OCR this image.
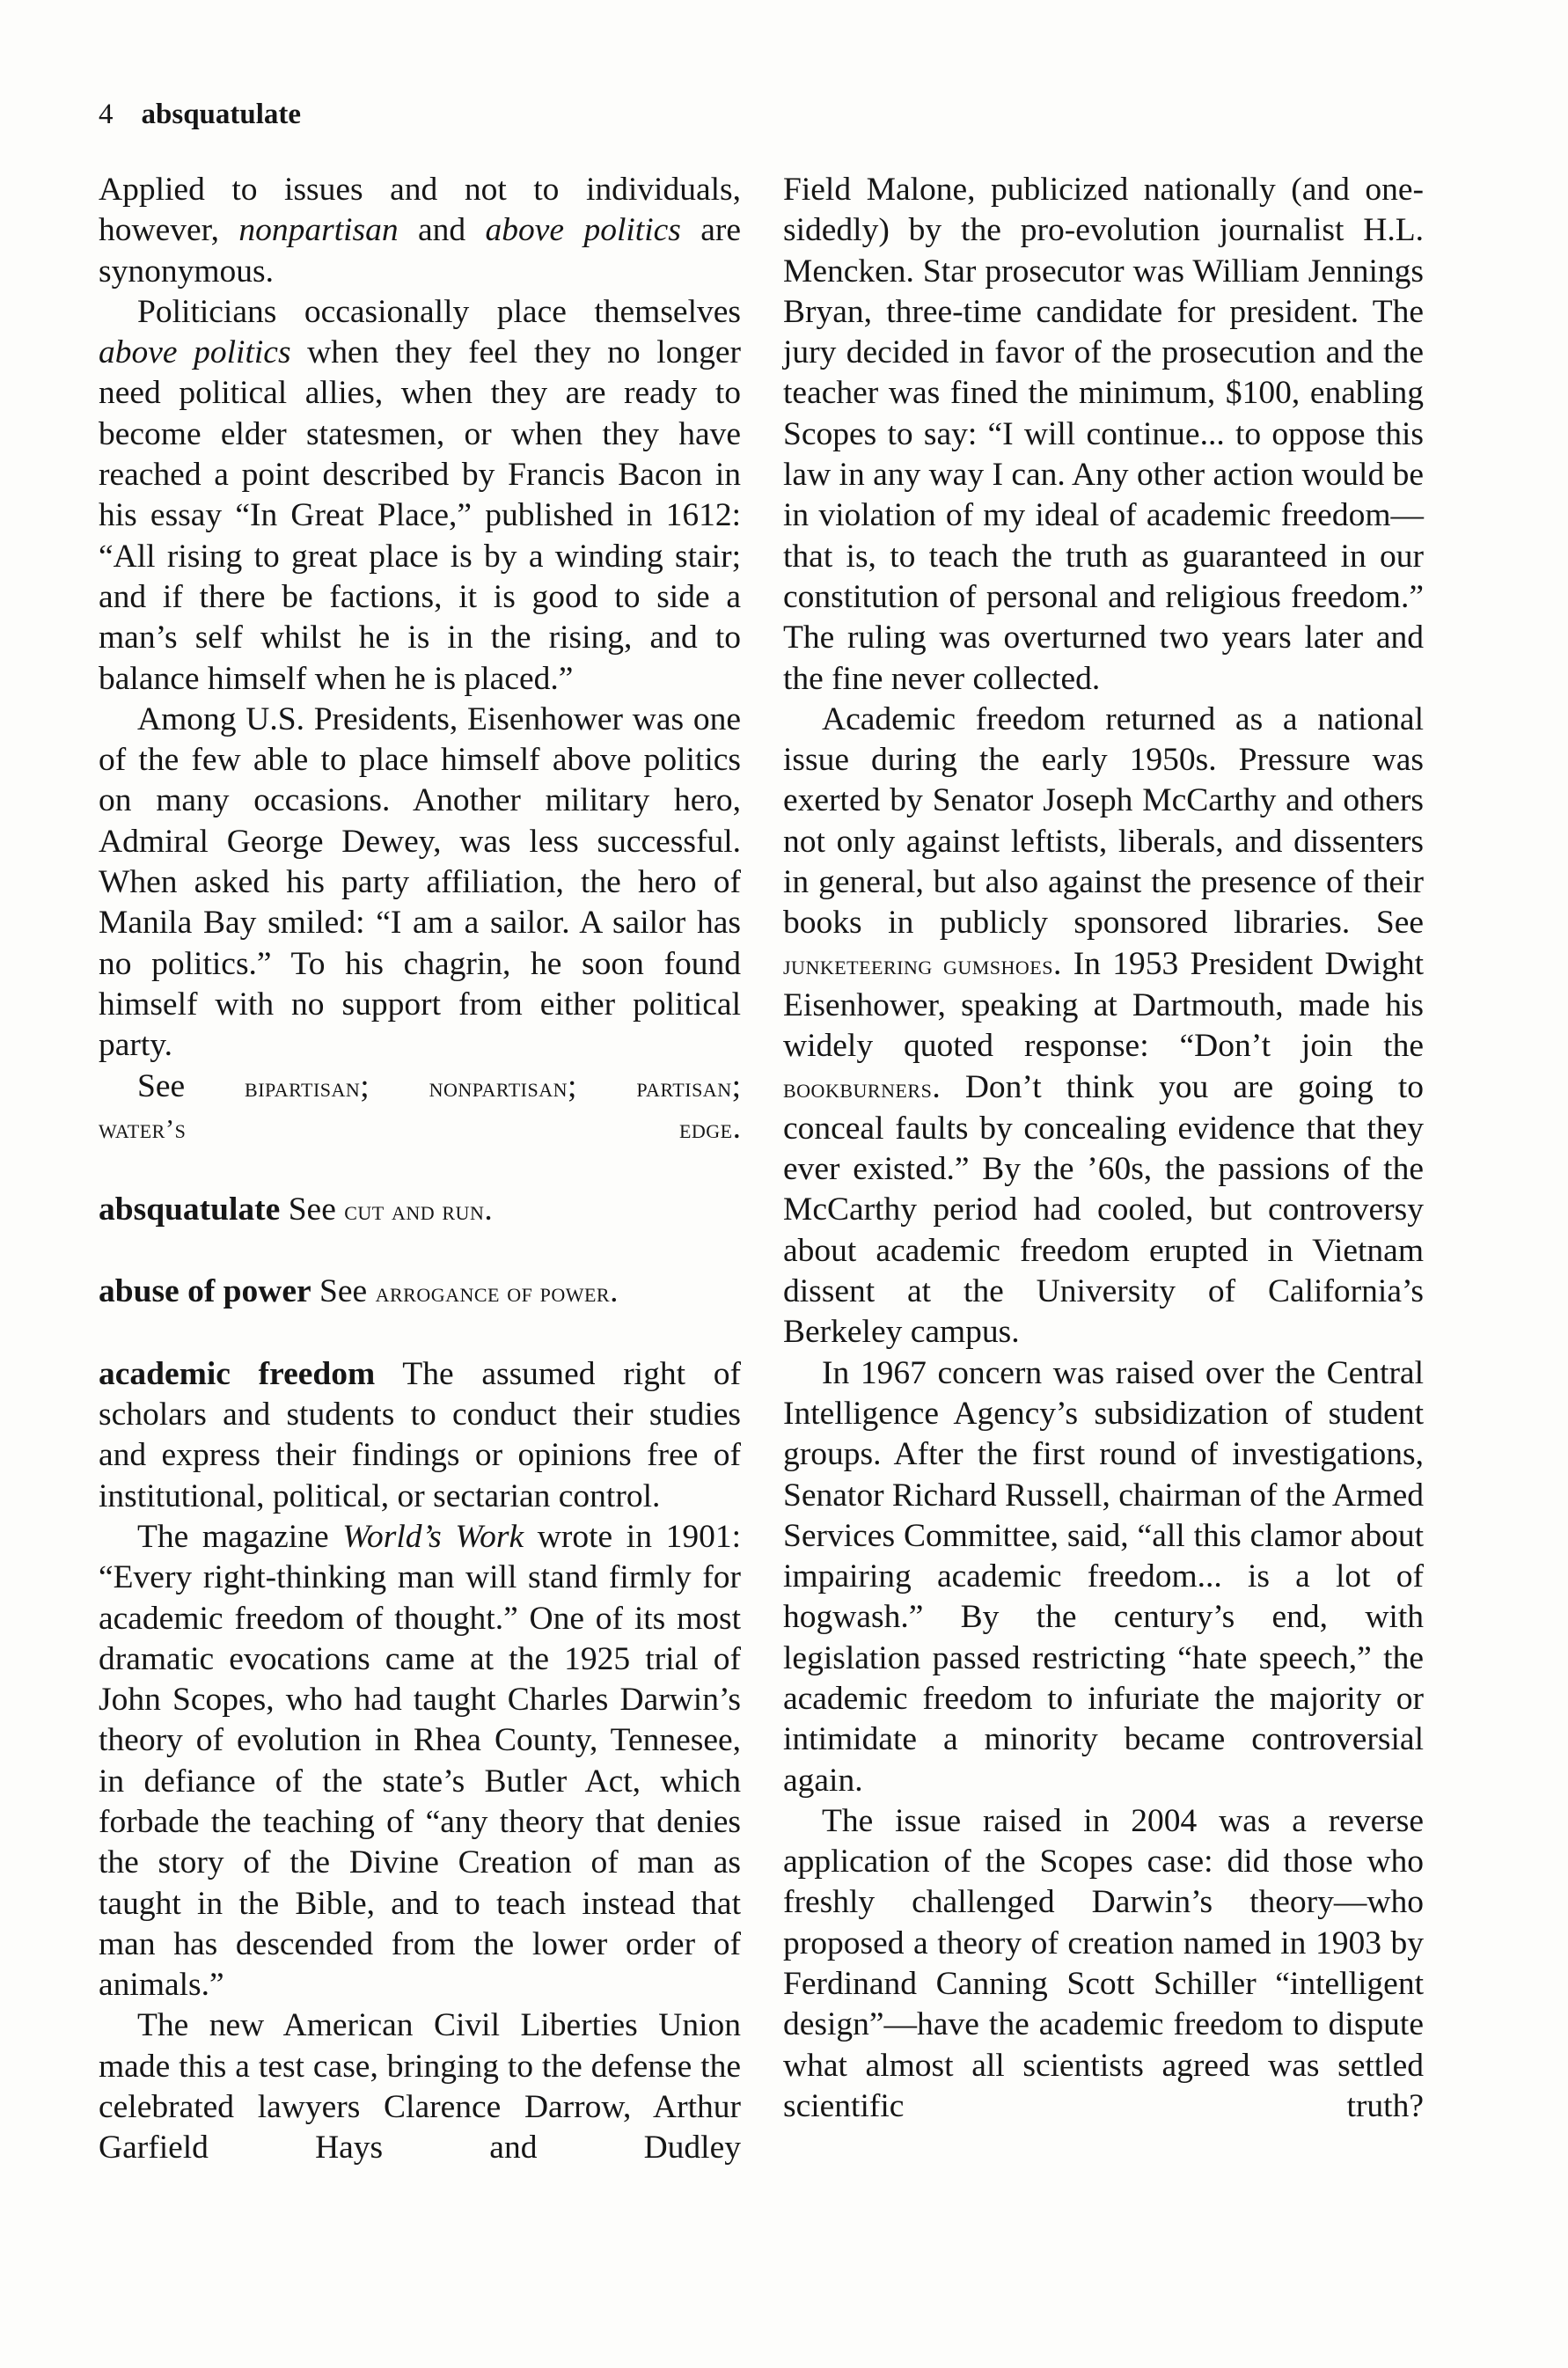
4 absquatulate

Applied to issues and not to individuals, however, nonpartisan and above politics are synonymous.

Politicians occasionally place themselves above politics when they feel they no longer need political allies, when they are ready to become elder statesmen, or when they have reached a point described by Francis Bacon in his essay “In Great Place,” published in 1612: “All rising to great place is by a winding stair; and if there be factions, it is good to side a man’s self whilst he is in the rising, and to balance himself when he is placed.”

Among U.S. Presidents, Eisenhower was one of the few able to place himself above politics on many occasions. Another military hero, Admiral George Dewey, was less successful. When asked his party affiliation, the hero of Manila Bay smiled: “I am a sailor. A sailor has no politics.” To his chagrin, he soon found himself with no support from either political party.

See bipartisan; nonpartisan; partisan;
water’s edge.

absquatulate See cut and run.

abuse of power See arrogance of power.

academic freedom The assumed right of scholars and students to conduct their studies and express their findings or opinions free of institutional, political, or sectarian control.

The magazine World’s Work wrote in 1901: “Every right-thinking man will stand firmly for academic freedom of thought.” One of its most dramatic evocations came at the 1925 trial of John Scopes, who had taught Charles Darwin’s theory of evolution in Rhea County, Tennesee, in defiance of the state’s Butler Act, which forbade the teaching of “any theory that denies the story of the Divine Creation of man as taught in the Bible, and to teach instead that man has descended from the lower order of animals.”

The new American Civil Liberties Union made this a test case, bringing to the defense the celebrated lawyers Clarence Darrow, Arthur Garfield Hays and Dudley

Field Malone, publicized nationally (and one-sidedly) by the pro-evolution journalist H.L. Mencken. Star prosecutor was William Jennings Bryan, three-time candidate for president. The jury decided in favor of the prosecution and the teacher was fined the minimum, $100, enabling Scopes to say: “I will continue... to oppose this law in any way I can. Any other action would be in violation of my ideal of academic freedom—that is, to teach the truth as guaranteed in our constitution of personal and religious freedom.” The ruling was overturned two years later and the fine never collected.

Academic freedom returned as a national issue during the early 1950s. Pressure was exerted by Senator Joseph McCarthy and others not only against leftists, liberals, and dissenters in general, but also against the presence of their books in publicly sponsored libraries. See junketeering gumshoes. In 1953 President Dwight Eisenhower, speaking at Dartmouth, made his widely quoted response: “Don’t join the bookburners. Don’t think you are going to conceal faults by concealing evidence that they ever existed.” By the ’60s, the passions of the McCarthy period had cooled, but controversy about academic freedom erupted in Vietnam dissent at the University of California’s Berkeley campus.

In 1967 concern was raised over the Central Intelligence Agency’s subsidization of student groups. After the first round of investigations, Senator Richard Russell, chairman of the Armed Services Committee, said, “all this clamor about impairing academic freedom... is a lot of hogwash.” By the century’s end, with legislation passed restricting “hate speech,” the academic freedom to infuriate the majority or intimidate a minority became controversial again.

The issue raised in 2004 was a reverse application of the Scopes case: did those who freshly challenged Darwin’s theory—who proposed a theory of creation named in 1903 by Ferdinand Canning Scott Schiller “intelligent design”—have the academic freedom to dispute what almost all scientists agreed was settled scientific truth?
